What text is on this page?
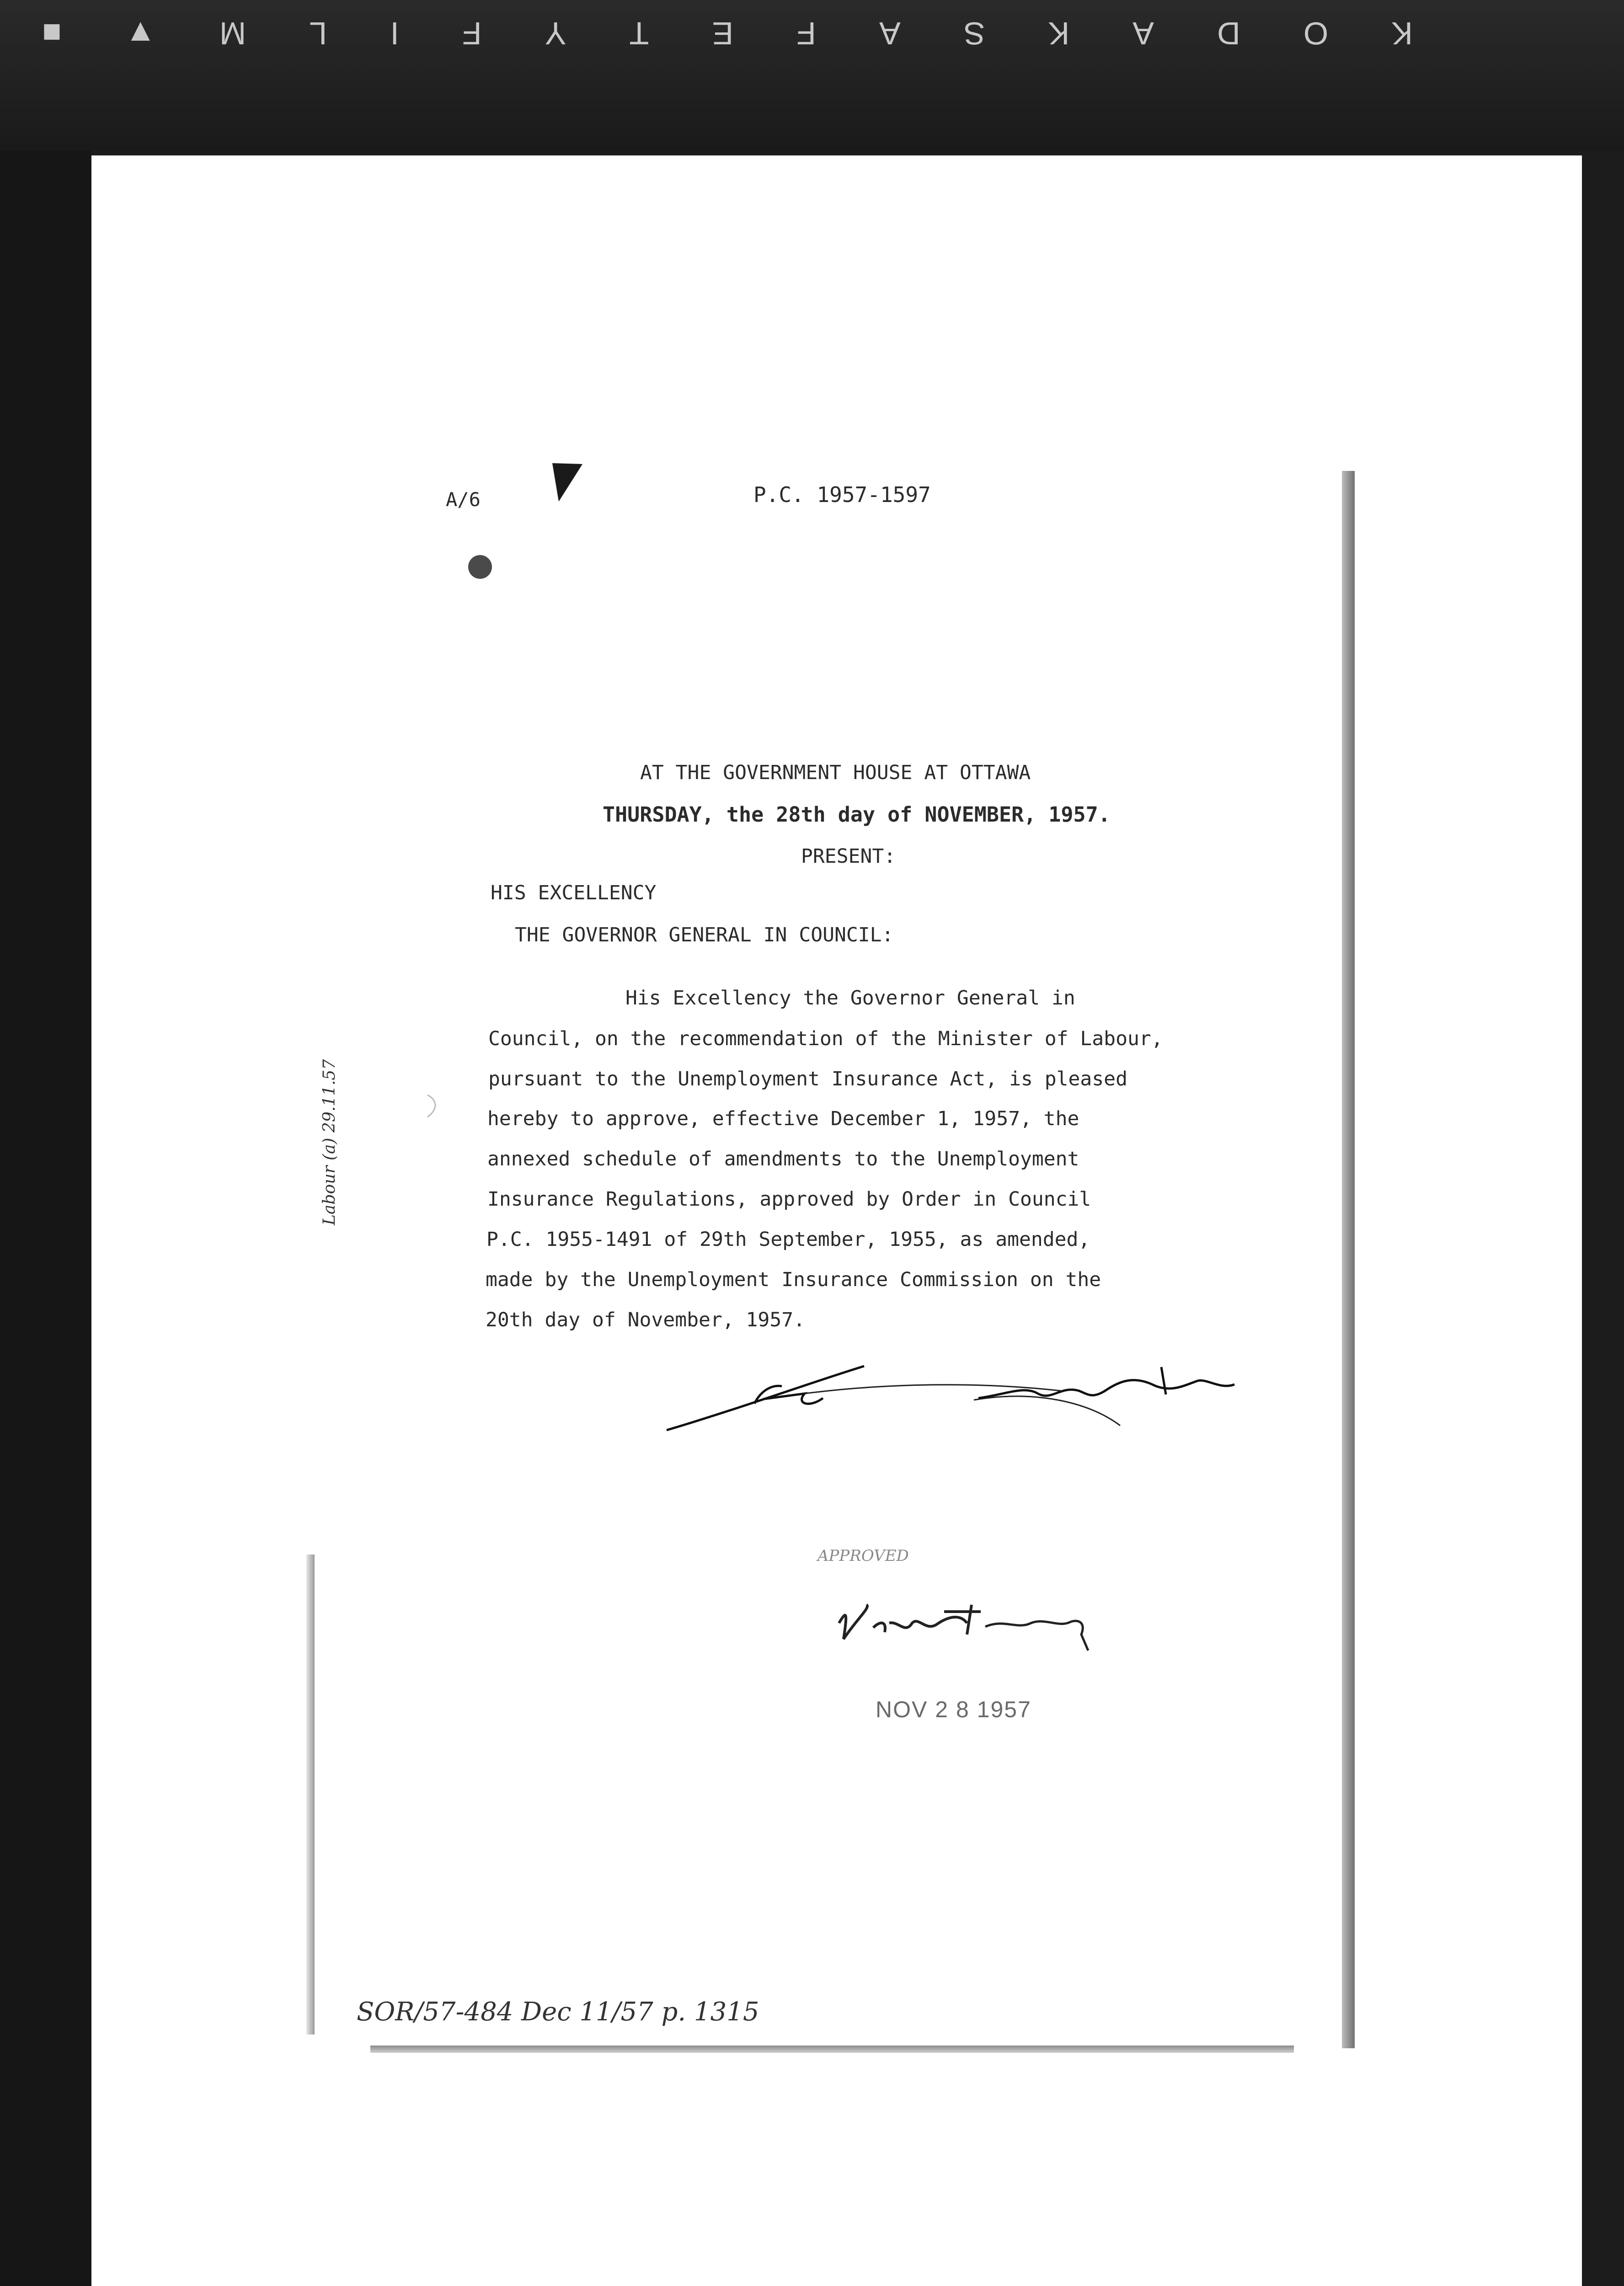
K
O
D
A
K
S
A
F
E
T
Y
F
I
L
M
▼
■
A/6	P.C. 1957-1597
AT THE GOVERNMENT HOUSE AT OTTAWA
THURSDAY, the 28th day of NOVEMBER, 1957.
PRESENT:
HIS EXCELLENCY
THE GOVERNOR GENERAL IN COUNCIL:
His Excellency the Governor General in
Council, on the recommendation of the Minister of Labour,
pursuant to the Unemployment Insurance Act, is pleased
hereby to approve, effective December 1, 1957, the
annexed schedule of amendments to the Unemployment
Insurance Regulations, approved by Order in Council
P.C. 1955-1491 of 29th September, 1955, as amended,
made by the Unemployment Insurance Commission on the
20th day of November, 1957.
APPROVED
NOV 2 8 1957
Labour (a) 29.11.57
SOR/57-484 Dec 11/57 p. 1315
